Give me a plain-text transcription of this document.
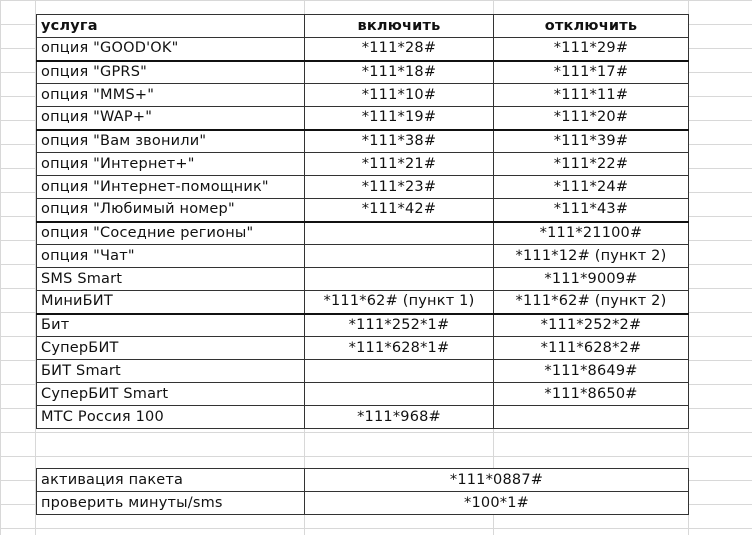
услуга	включить	отключить
опция "GOOD'OK"	*111*28#	*111*29#
опция "GPRS"	*111*18#	*111*17#
опция "MMS+"	*111*10#	*111*11#
опция "WAP+"	*111*19#	*111*20#
опция "Вам звонили"	*111*38#	*111*39#
опция "Интернет+"	*111*21#	*111*22#
опция "Интернет-помощник"	*111*23#	*111*24#
опция "Любимый номер"	*111*42#	*111*43#
опция "Соседние регионы"		*111*21100#
опция "Чат"		*111*12# (пункт 2)
SMS Smart		*111*9009#
МиниБИТ	*111*62# (пункт 1)	*111*62# (пункт 2)
Бит	*111*252*1#	*111*252*2#
СуперБИТ	*111*628*1#	*111*628*2#
БИТ Smart		*111*8649#
СуперБИТ Smart		*111*8650#
МТС Россия 100	*111*968#	
активация пакета	*111*0887#
проверить минуты/sms	*100*1#
